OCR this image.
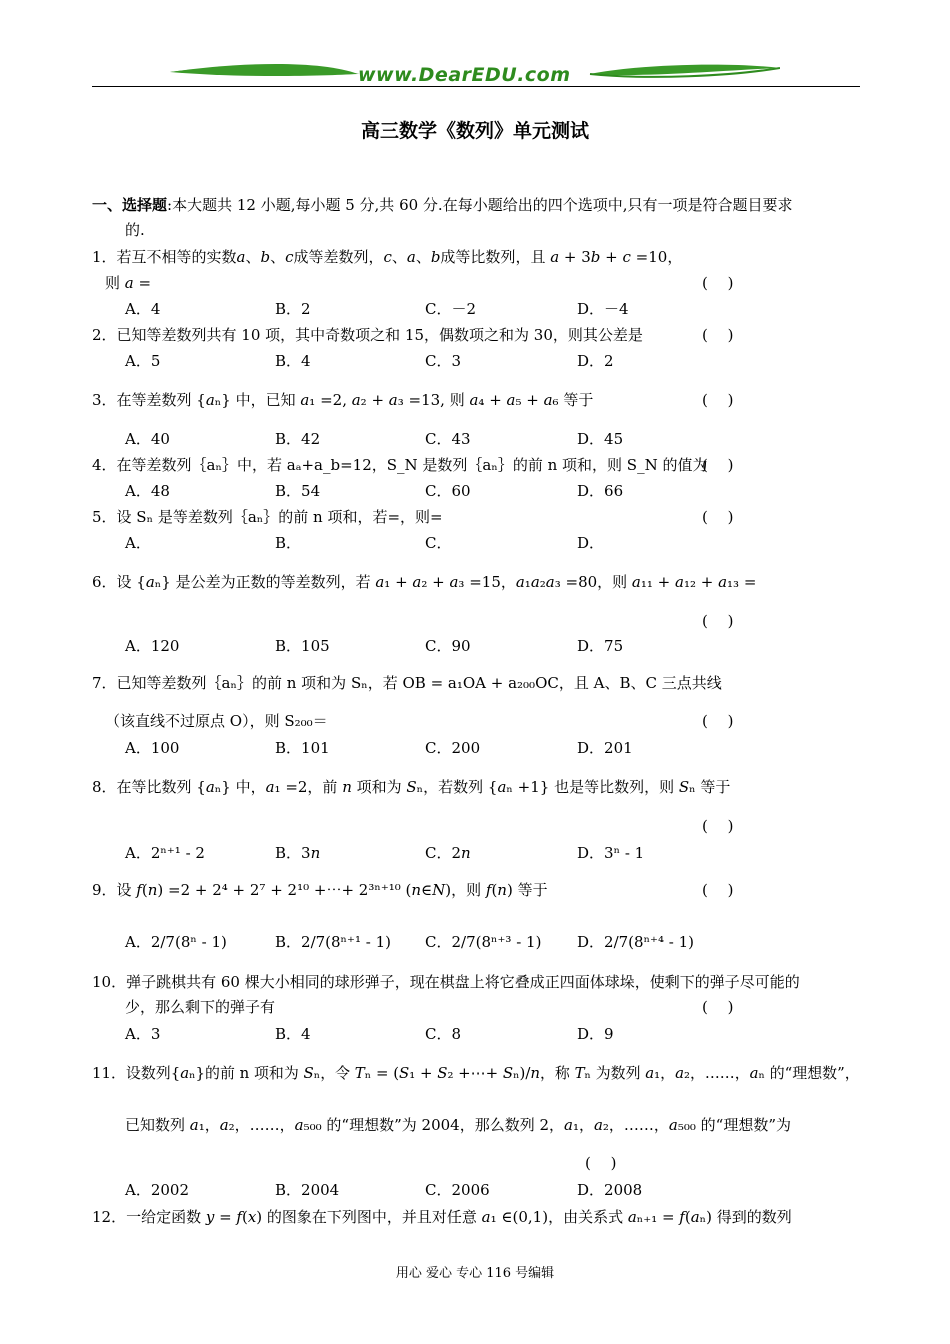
www.DearEDU.com
高三数学《数列》单元测试
一、选择题:本大题共 12 小题,每小题 5 分,共 60 分.在每小题给出的四个选项中,只有一项是符合题目要求
的.
1．若互不相等的实数𝑎、𝑏、𝑐成等差数列，𝑐、𝑎、𝑏成等比数列，且 𝑎 + 3𝑏 + 𝑐 =10，
则 𝑎 =	(　 )
A．4	B．2	C．－2	D．－4
2．已知等差数列共有 10 项，其中奇数项之和 15，偶数项之和为 30，则其公差是	(　 )
A．5	B．4	C．3	D．2
3．在等差数列 {𝑎ₙ} 中，已知 𝑎₁ =2, 𝑎₂ + 𝑎₃ =13, 则 𝑎₄ + 𝑎₅ + 𝑎₆ 等于	(　 )
A．40	B．42	C．43	D．45
4．在等差数列｛aₙ｝中，若 aₐ+a_b=12，S_N 是数列｛aₙ｝的前 n 项和，则 S_N 的值为
(　 )
A．48	B．54	C．60	D．66
5．设 Sₙ 是等差数列｛aₙ｝的前 n 项和，若=，则=	(　 )
A．	B．	C．	D．
6．设 {𝑎ₙ} 是公差为正数的等差数列，若 𝑎₁ + 𝑎₂ + 𝑎₃ =15，𝑎₁𝑎₂𝑎₃ =80，则 𝑎₁₁ + 𝑎₁₂ + 𝑎₁₃ =
(　 )
A．120	B．105	C．90	D．75
7．已知等差数列｛aₙ｝的前 n 项和为 Sₙ，若 OB = a₁OA + a₂₀₀OC，且 A、B、C 三点共线
（该直线不过原点 O），则 S₂₀₀＝	(　 )
A．100	B．101	C．200	D．201
8．在等比数列 {𝑎ₙ} 中，𝑎₁ =2，前 𝑛 项和为 𝑆ₙ，若数列 {𝑎ₙ +1} 也是等比数列，则 𝑆ₙ 等于
(　 )
A．2ⁿ⁺¹ - 2	B．3𝑛	C．2𝑛	D．3ⁿ - 1
9．设 𝑓(𝑛) =2 + 2⁴ + 2⁷ + 2¹⁰ +⋯+ 2³ⁿ⁺¹⁰ (𝑛∈𝑁)，则 𝑓(𝑛) 等于	(　 )
A．2/7(8ⁿ - 1)	B．2/7(8ⁿ⁺¹ - 1) C．2/7(8ⁿ⁺³ - 1) D．2/7(8ⁿ⁺⁴ - 1)
10．弹子跳棋共有 60 棵大小相同的球形弹子，现在棋盘上将它叠成正四面体球垛，使剩下的弹子尽可能的
少，那么剩下的弹子有	(　 )
A．3	B．4	C．8	D．9
11．设数列{𝑎ₙ}的前 n 项和为 𝑆ₙ，令 𝑇ₙ = (𝑆₁ + 𝑆₂ +⋯+ 𝑆ₙ)/𝑛，称 𝑇ₙ 为数列 𝑎₁，𝑎₂，……，𝑎ₙ 的“理想数”，
已知数列 𝑎₁，𝑎₂，……，𝑎₅₀₀ 的“理想数”为 2004，那么数列 2，𝑎₁，𝑎₂，……，𝑎₅₀₀ 的“理想数”为
(　 )
A．2002	B．2004	C．2006	D．2008
12．一给定函数 𝑦 = 𝑓(𝑥) 的图象在下列图中，并且对任意 𝑎₁ ∈(0,1)，由关系式 𝑎ₙ₊₁ = 𝑓(𝑎ₙ) 得到的数列
用心 爱心 专心 116 号编辑
